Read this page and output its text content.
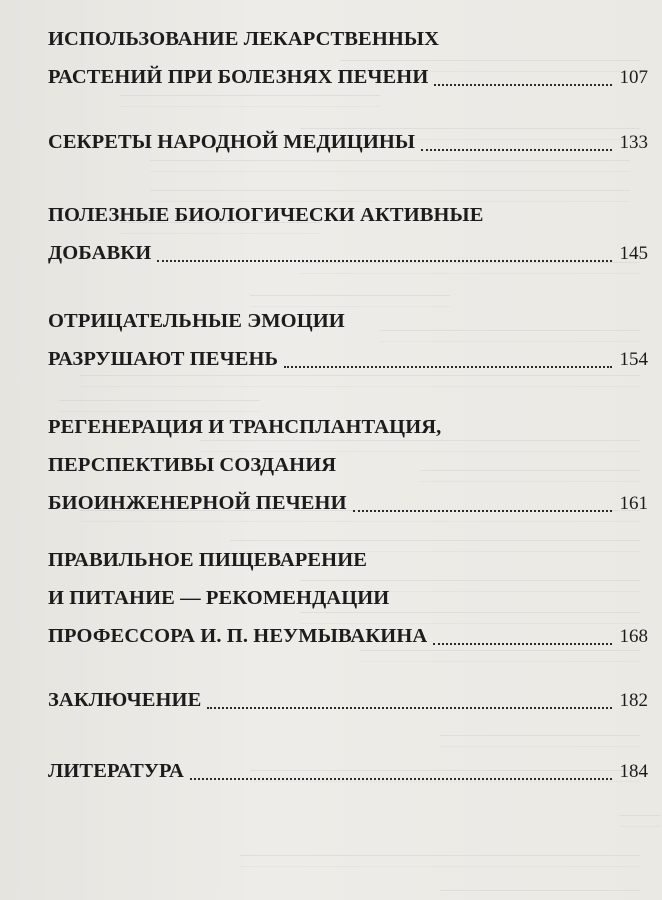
ИСПОЛЬЗОВАНИЕ ЛЕКАРСТВЕННЫХ
РАСТЕНИЙ ПРИ БОЛЕЗНЯХ ПЕЧЕНИ	107
СЕКРЕТЫ НАРОДНОЙ МЕДИЦИНЫ	133
ПОЛЕЗНЫЕ БИОЛОГИЧЕСКИ АКТИВНЫЕ
ДОБАВКИ	145
ОТРИЦАТЕЛЬНЫЕ ЭМОЦИИ
РАЗРУШАЮТ ПЕЧЕНЬ	154
РЕГЕНЕРАЦИЯ И ТРАНСПЛАНТАЦИЯ,
ПЕРСПЕКТИВЫ СОЗДАНИЯ
БИОИНЖЕНЕРНОЙ ПЕЧЕНИ	161
ПРАВИЛЬНОЕ ПИЩЕВАРЕНИЕ
И ПИТАНИЕ — РЕКОМЕНДАЦИИ
ПРОФЕССОРА И. П. НЕУМЫВАКИНА	168
ЗАКЛЮЧЕНИЕ	182
ЛИТЕРАТУРА	184
